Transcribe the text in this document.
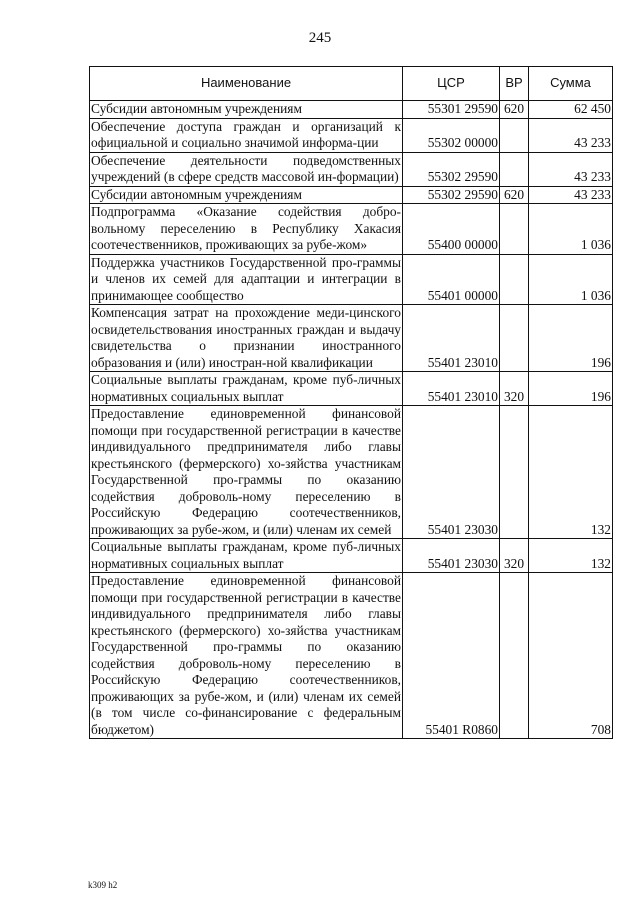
245
Наименование	ЦСР	ВР	Сумма
Субсидии автономным учреждениям	55301 29590	620	62 450
Обеспечение доступа граждан и организаций к официальной и социально значимой информа-ции	55302 00000		43 233
Обеспечение деятельности подведомственных учреждений (в сфере средств массовой ин-формации)	55302 29590		43 233
Субсидии автономным учреждениям	55302 29590	620	43 233
Подпрограмма «Оказание содействия добро-вольному переселению в Республику Хакасия соотечественников, проживающих за рубе-жом»	55400 00000		1 036
Поддержка участников Государственной про-граммы и членов их семей для адаптации и интеграции в принимающее сообщество	55401 00000		1 036
Компенсация затрат на прохождение меди-цинского освидетельствования иностранных граждан и выдачу свидетельства о признании иностранного образования и (или) иностран-ной квалификации	55401 23010		196
Социальные выплаты гражданам, кроме пуб-личных нормативных социальных выплат	55401 23010	320	196
Предоставление единовременной финансовой помощи при государственной регистрации в качестве индивидуального предпринимателя либо главы крестьянского (фермерского) хо-зяйства участникам Государственной про-граммы по оказанию содействия доброволь-ному переселению в Российскую Федерацию соотечественников, проживающих за рубе-жом, и (или) членам их семей	55401 23030		132
Социальные выплаты гражданам, кроме пуб-личных нормативных социальных выплат	55401 23030	320	132
Предоставление единовременной финансовой помощи при государственной регистрации в качестве индивидуального предпринимателя либо главы крестьянского (фермерского) хо-зяйства участникам Государственной про-граммы по оказанию содействия доброволь-ному переселению в Российскую Федерацию соотечественников, проживающих за рубе-жом, и (или) членам их семей (в том числе со-финансирование с федеральным бюджетом)	55401 R0860		708
k309 h2
